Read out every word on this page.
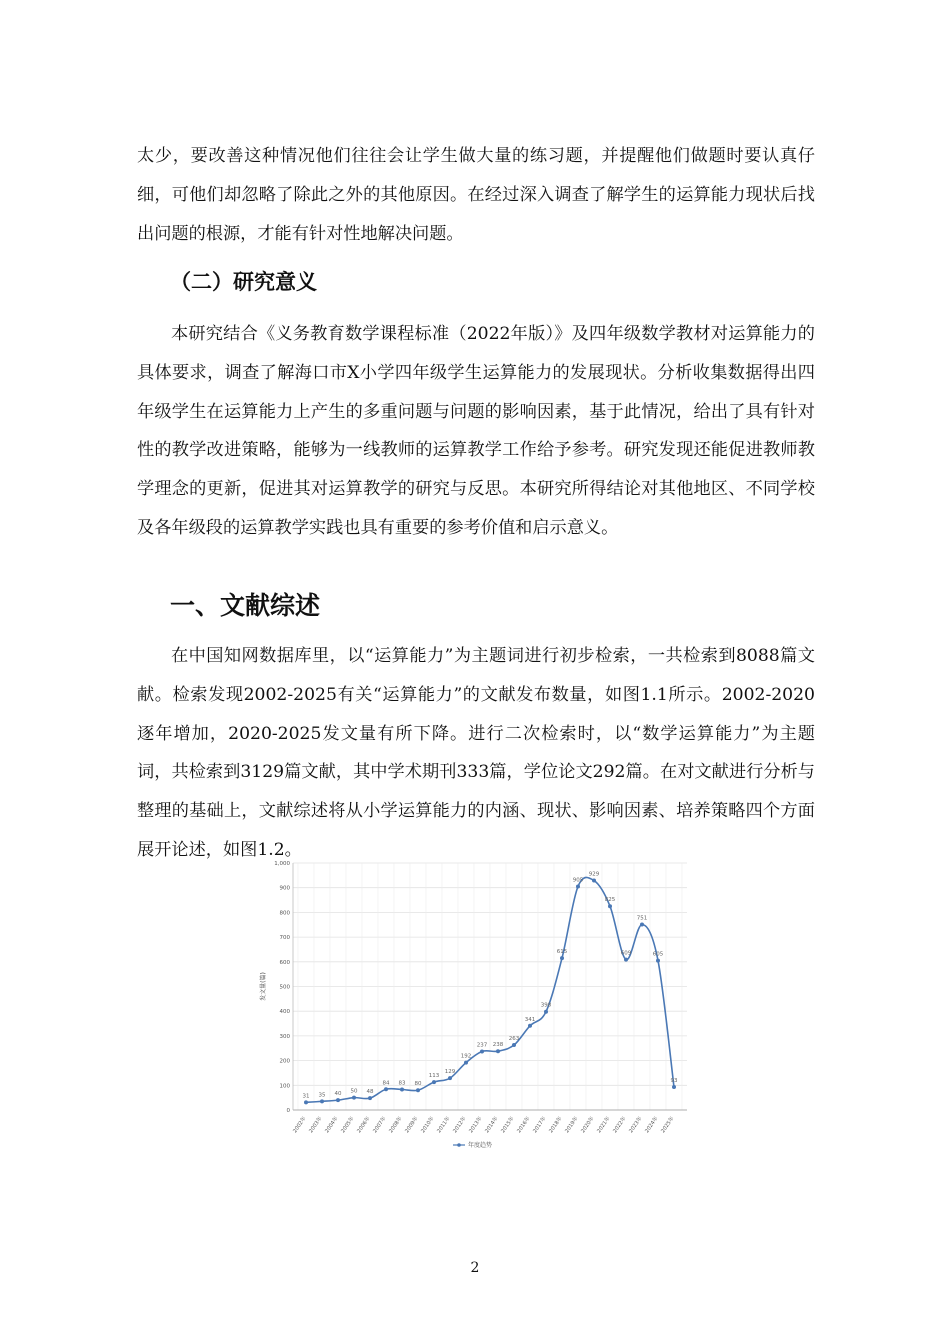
太少，要改善这种情况他们往往会让学生做大量的练习题，并提醒他们做题时要认真仔细，可他们却忽略了除此之外的其他原因。在经过深入调查了解学生的运算能力现状后找出问题的根源，才能有针对性地解决问题。

（二）研究意义

本研究结合《义务教育数学课程标准（2022年版）》及四年级数学教材对运算能力的具体要求，调查了解海口市X小学四年级学生运算能力的发展现状。分析收集数据得出四年级学生在运算能力上产生的多重问题与问题的影响因素，基于此情况，给出了具有针对性的教学改进策略，能够为一线教师的运算教学工作给予参考。研究发现还能促进教师教学理念的更新，促进其对运算教学的研究与反思。本研究所得结论对其他地区、不同学校及各年级段的运算教学实践也具有重要的参考价值和启示意义。

一、文献综述

在中国知网数据库里，以“运算能力”为主题词进行初步检索，一共检索到8088篇文献。检索发现2002-2025有关“运算能力”的文献发布数量，如图1.1所示。2002-2020逐年增加，2020-2025发文量有所下降。进行二次检索时，以“数学运算能力”为主题词，共检索到3129篇文献，其中学术期刊333篇，学位论文292篇。在对文献进行分析与整理的基础上，文献综述将从小学运算能力的内涵、现状、影响因素、培养策略四个方面展开论述，如图1.2。

0
100
200
300
400
500
600
700
800
900
1,000
发文量(篇)
2002年 2003年 2004年 2005年 2006年 2007年 2008年 2009年 2010年 2011年 2012年 2013年 2014年 2015年 2016年 2017年 2018年 2019年 2020年 2021年 2022年 2023年 2024年 2025年
31 35 40 50 48
84 83 80
113
129
192
237 238
263
341
398
615
905
929
825
609
751
605
93
年度趋势
2
